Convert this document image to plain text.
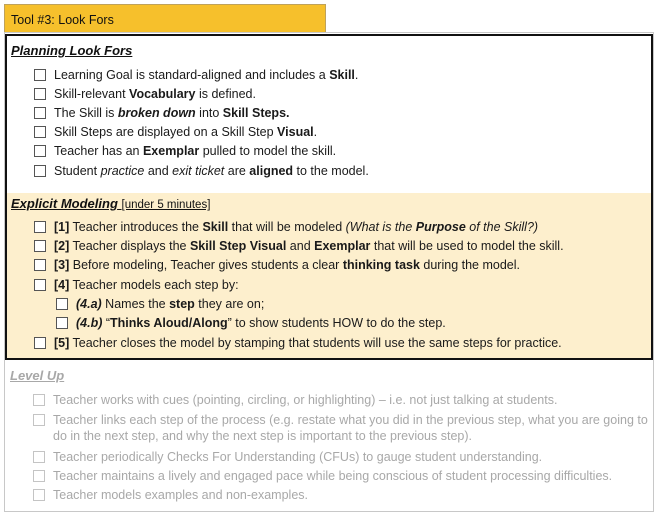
Tool #3: Look Fors
Planning Look Fors
Learning Goal is standard-aligned and includes a Skill.
Skill-relevant Vocabulary is defined.
The Skill is broken down into Skill Steps.
Skill Steps are displayed on a Skill Step Visual.
Teacher has an Exemplar pulled to model the skill.
Student practice and exit ticket are aligned to the model.
Explicit Modeling [under 5 minutes]
[1] Teacher introduces the Skill that will be modeled (What is the Purpose of the Skill?)
[2] Teacher displays the Skill Step Visual and Exemplar that will be used to model the skill.
[3] Before modeling, Teacher gives students a clear thinking task during the model.
[4] Teacher models each step by:
(4.a) Names the step they are on;
(4.b) “Thinks Aloud/Along” to show students HOW to do the step.
[5] Teacher closes the model by stamping that students will use the same steps for practice.
Level Up
Teacher works with cues (pointing, circling, or highlighting) – i.e. not just talking at students.
Teacher links each step of the process (e.g. restate what you did in the previous step, what you are going to do in the next step, and why the next step is important to the previous step).
Teacher periodically Checks For Understanding (CFUs) to gauge student understanding.
Teacher maintains a lively and engaged pace while being conscious of student processing difficulties.
Teacher models examples and non-examples.
